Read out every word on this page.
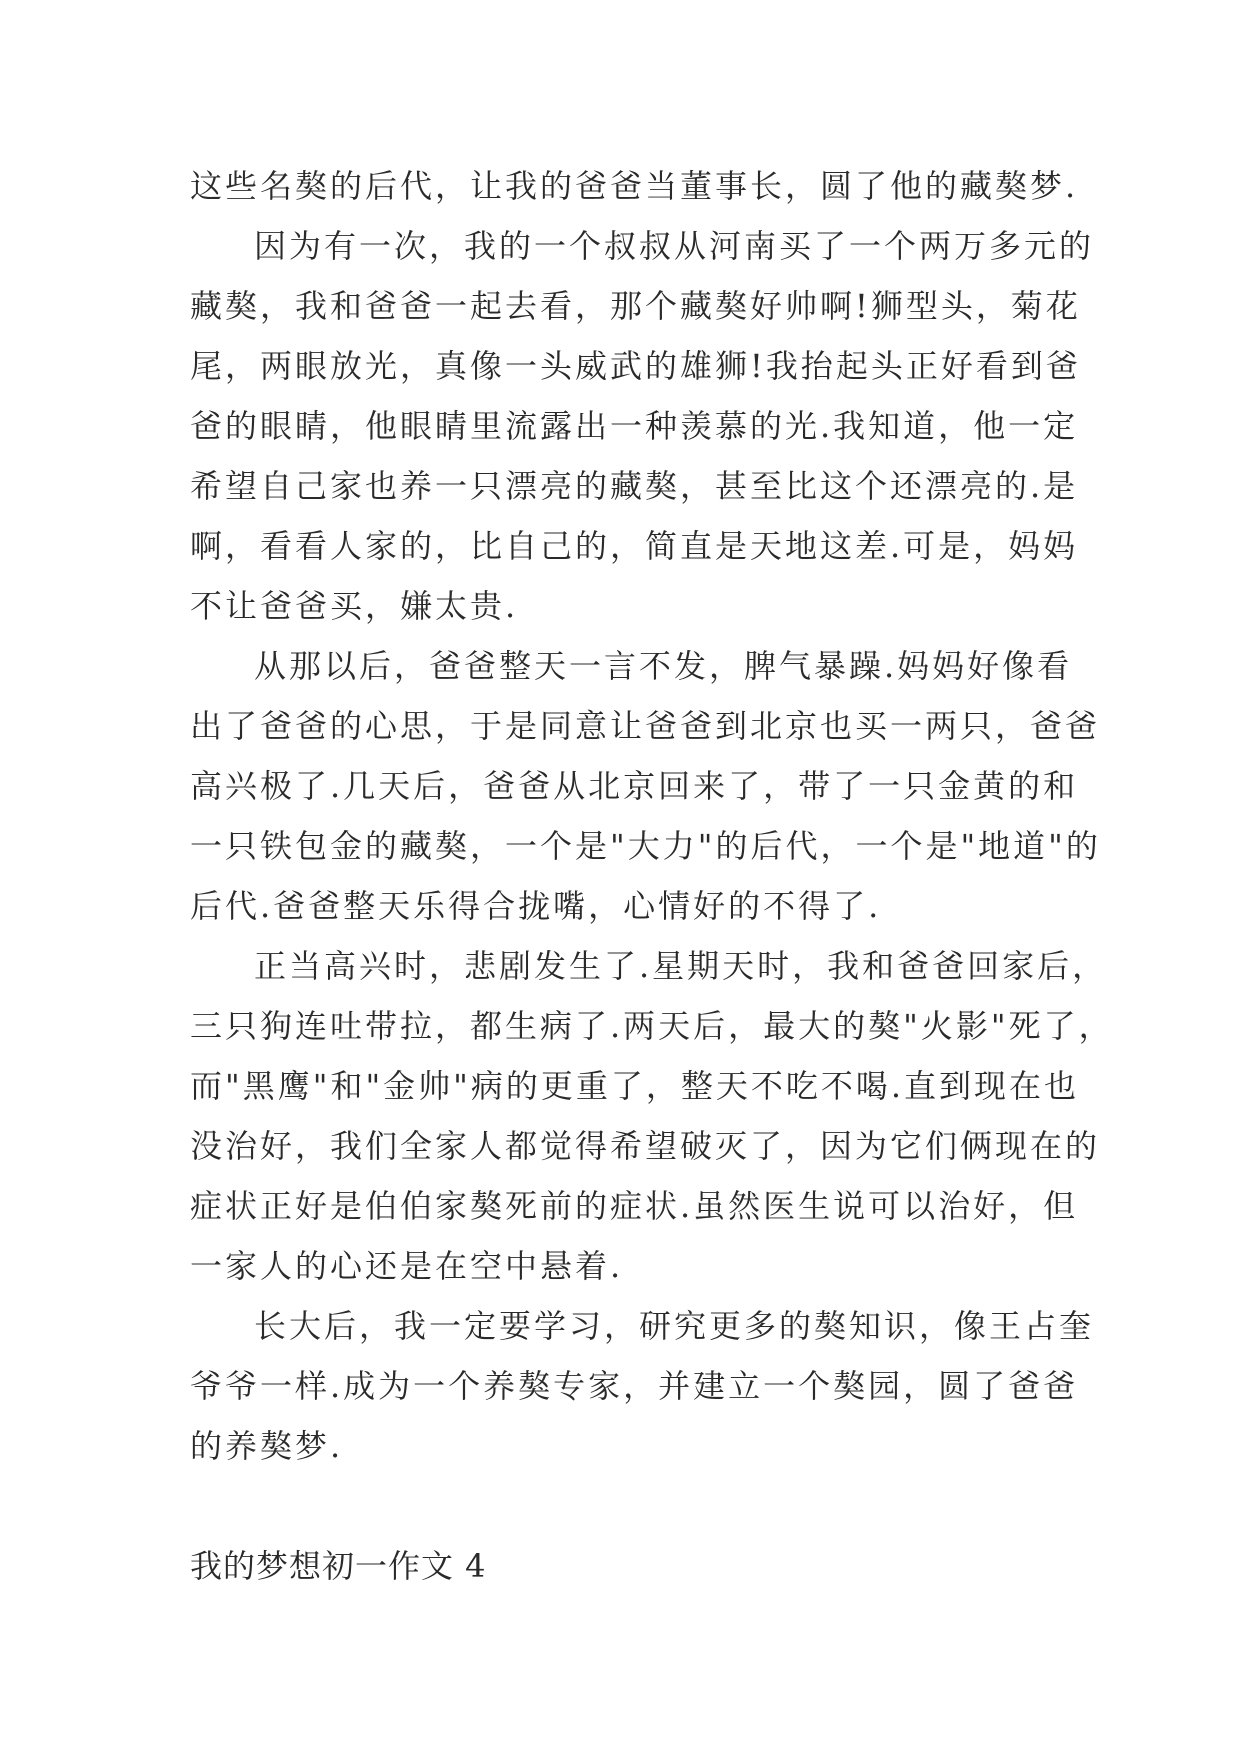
这些名獒的后代，让我的爸爸当董事长，圆了他的藏獒梦.
因为有一次，我的一个叔叔从河南买了一个两万多元的
藏獒，我和爸爸一起去看，那个藏獒好帅啊!狮型头，菊花
尾，两眼放光，真像一头威武的雄狮!我抬起头正好看到爸
爸的眼睛，他眼睛里流露出一种羡慕的光.我知道，他一定
希望自己家也养一只漂亮的藏獒，甚至比这个还漂亮的.是
啊，看看人家的，比自己的，简直是天地这差.可是，妈妈
不让爸爸买，嫌太贵.
从那以后，爸爸整天一言不发，脾气暴躁.妈妈好像看
出了爸爸的心思，于是同意让爸爸到北京也买一两只，爸爸
高兴极了.几天后，爸爸从北京回来了，带了一只金黄的和
一只铁包金的藏獒，一个是"大力"的后代，一个是"地道"的
后代.爸爸整天乐得合拢嘴，心情好的不得了.
正当高兴时，悲剧发生了.星期天时，我和爸爸回家后，
三只狗连吐带拉，都生病了.两天后，最大的獒"火影"死了，
而"黑鹰"和"金帅"病的更重了，整天不吃不喝.直到现在也
没治好，我们全家人都觉得希望破灭了，因为它们俩现在的
症状正好是伯伯家獒死前的症状.虽然医生说可以治好，但
一家人的心还是在空中悬着.
长大后，我一定要学习，研究更多的獒知识，像王占奎
爷爷一样.成为一个养獒专家，并建立一个獒园，圆了爸爸
的养獒梦.
我的梦想初一作文 4
